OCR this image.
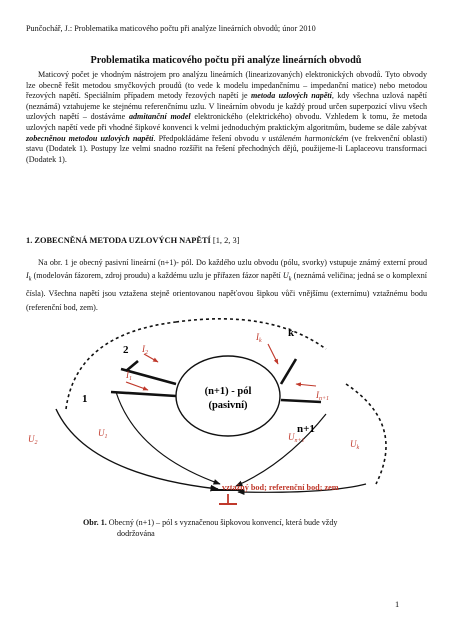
Punčochář, J.: Problematika maticového počtu při analýze lineárních obvodů; únor 2010
Problematika maticového počtu při analýze lineárních obvodů

Maticový počet je vhodným nástrojem pro analýzu lineárních (linearizovaných) elektronických obvodů. Tyto obvody lze obecně řešit metodou smyčkových proudů (to vede k modelu impedančnímu – impedanční matice) nebo metodou řezových napětí. Speciálním případem metody řezových napětí je metoda uzlových napětí, kdy všechna uzlová napětí (neznámá) vztahujeme ke stejnému referenčnímu uzlu. V lineárním obvodu je každý proud určen superpozicí vlivu všech uzlových napětí – dostáváme admitanční model elektronického (elektrického) obvodu. Vzhledem k tomu, že metoda uzlových napětí vede při vhodné šipkové konvenci k velmi jednoduchým praktickým algoritmům, budeme se dále zabývat zobecněnou metodou uzlových napětí. Předpokládáme řešení obvodu v ustáleném harmonickém (ve frekvenční oblasti) stavu (Dodatek 1). Postupy lze velmi snadno rozšířit na řešení přechodných dějů, použijeme-li Laplaceovu transformaci (Dodatek 1).

1. ZOBECNĚNÁ METODA UZLOVÝCH NAPĚTÍ [1, 2, 3]

Na obr. 1 je obecný pasivní lineární (n+1)- pól. Do každého uzlu obvodu (pólu, svorky) vstupuje známý externí proud $I_k$ (modelován fázorem, zdroj proudu) a každému uzlu je přiřazen fázor napětí $U_k$ (neznámá veličina; jedná se o komplexní čísla). Všechna napětí jsou vztažena stejně orientovanou napěťovou šipkou vůči vnějšímu (externímu) vztažnému bodu (referenční bod, zem).

(n+1) - pól
(pasivní)
2
1
k
n+1
$I_2$
$I_1$
$I_k$
$I_{n+1}$
$U_2$
$U_1$	$U_{n+1}$	$U_k$
vztažný bod; referenční bod; zem
Obr. 1. Obecný (n+1) – pól s vyznačenou šipkovou konvencí, která bude vždy
dodržována
1
